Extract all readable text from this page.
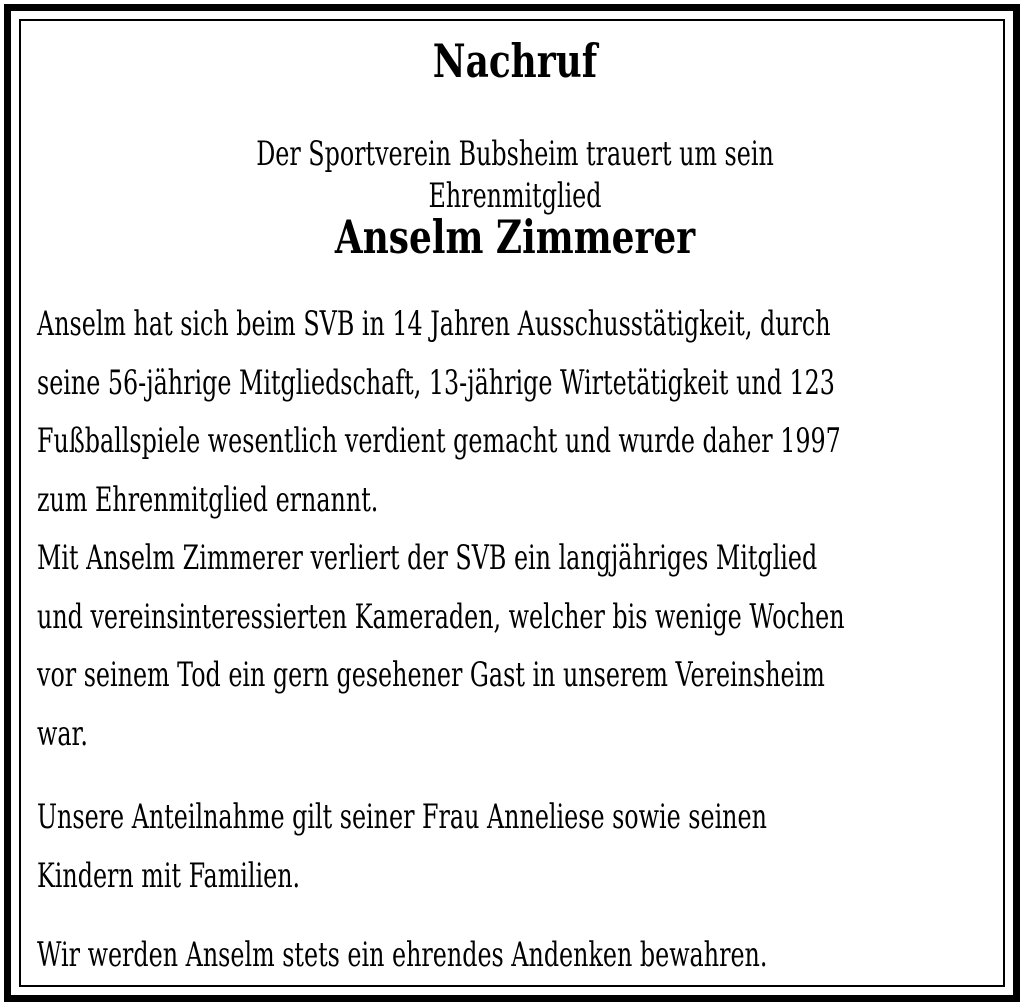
Nachruf
Der Sportverein Bubsheim trauert um sein Ehrenmitglied
Anselm Zimmerer
Anselm hat sich beim SVB in 14 Jahren Ausschusstätigkeit, durch
seine 56-jährige Mitgliedschaft, 13-jährige Wirtetätigkeit und 123
Fußballspiele wesentlich verdient gemacht und wurde daher 1997
zum Ehrenmitglied ernannt.
Mit Anselm Zimmerer verliert der SVB ein langjähriges Mitglied
und vereinsinteressierten Kameraden, welcher bis wenige Wochen
vor seinem Tod ein gern gesehener Gast in unserem Vereinsheim
war.
Unsere Anteilnahme gilt seiner Frau Anneliese sowie seinen
Kindern mit Familien.
Wir werden Anselm stets ein ehrendes Andenken bewahren.
